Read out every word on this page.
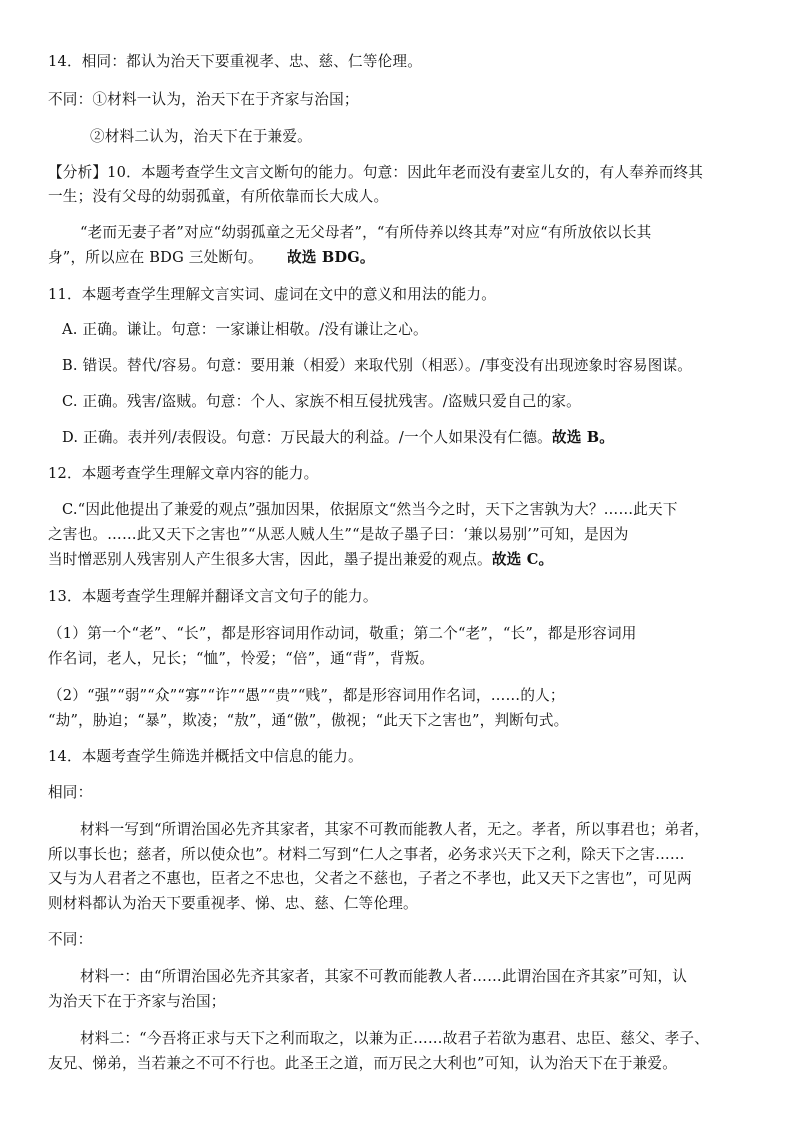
14．相同：都认为治天下要重视孝、忠、慈、仁等伦理。
不同：①材料一认为，治天下在于齐家与治国；
②材料二认为，治天下在于兼爱。
【分析】10．本题考查学生文言文断句的能力。句意：因此年老而没有妻室儿女的，有人奉养而终其
一生；没有父母的幼弱孤童，有所依靠而长大成人。
“老而无妻子者”对应“幼弱孤童之无父母者”，“有所侍养以终其寿”对应“有所放依以长其
身”，所以应在 BDG 三处断句。 故选 BDG。
11．本题考查学生理解文言实词、虚词在文中的意义和用法的能力。
A. 正确。谦让。句意：一家谦让相敬。/没有谦让之心。
B. 错误。替代/容易。句意：要用兼（相爱）来取代别（相恶）。/事变没有出现迹象时容易图谋。
C. 正确。残害/盗贼。句意：个人、家族不相互侵扰残害。/盗贼只爱自己的家。
D. 正确。表并列/表假设。句意：万民最大的利益。/一个人如果没有仁德。故选 B。
12．本题考查学生理解文章内容的能力。
C.“因此他提出了兼爱的观点”强加因果，依据原文“然当今之时，天下之害孰为大？……此天下
之害也。……此又天下之害也”“从恶人贼人生”“是故子墨子曰：‘兼以易别’”可知，是因为
当时憎恶别人残害别人产生很多大害，因此，墨子提出兼爱的观点。故选 C。
13．本题考查学生理解并翻译文言文句子的能力。
（1）第一个“老”、“长”，都是形容词用作动词，敬重；第二个“老”，“长”，都是形容词用
作名词，老人，兄长；“恤”，怜爱；“倍”，通“背”，背叛。
（2）“强”“弱”“众”“寡”“诈”“愚”“贵”“贱”，都是形容词用作名词，……的人；
“劫”，胁迫；“暴”，欺凌；“敖”，通“傲”，傲视；“此天下之害也”，判断句式。
14．本题考查学生筛选并概括文中信息的能力。
相同：
材料一写到“所谓治国必先齐其家者，其家不可教而能教人者，无之。孝者，所以事君也；弟者，
所以事长也；慈者，所以使众也”。材料二写到“仁人之事者，必务求兴天下之利，除天下之害……
又与为人君者之不惠也，臣者之不忠也，父者之不慈也，子者之不孝也，此又天下之害也”，可见两
则材料都认为治天下要重视孝、悌、忠、慈、仁等伦理。
不同：
材料一：由“所谓治国必先齐其家者，其家不可教而能教人者……此谓治国在齐其家”可知，认
为治天下在于齐家与治国；
材料二：“今吾将正求与天下之利而取之，以兼为正……故君子若欲为惠君、忠臣、慈父、孝子、
友兄、悌弟，当若兼之不可不行也。此圣王之道，而万民之大利也”可知，认为治天下在于兼爱。
